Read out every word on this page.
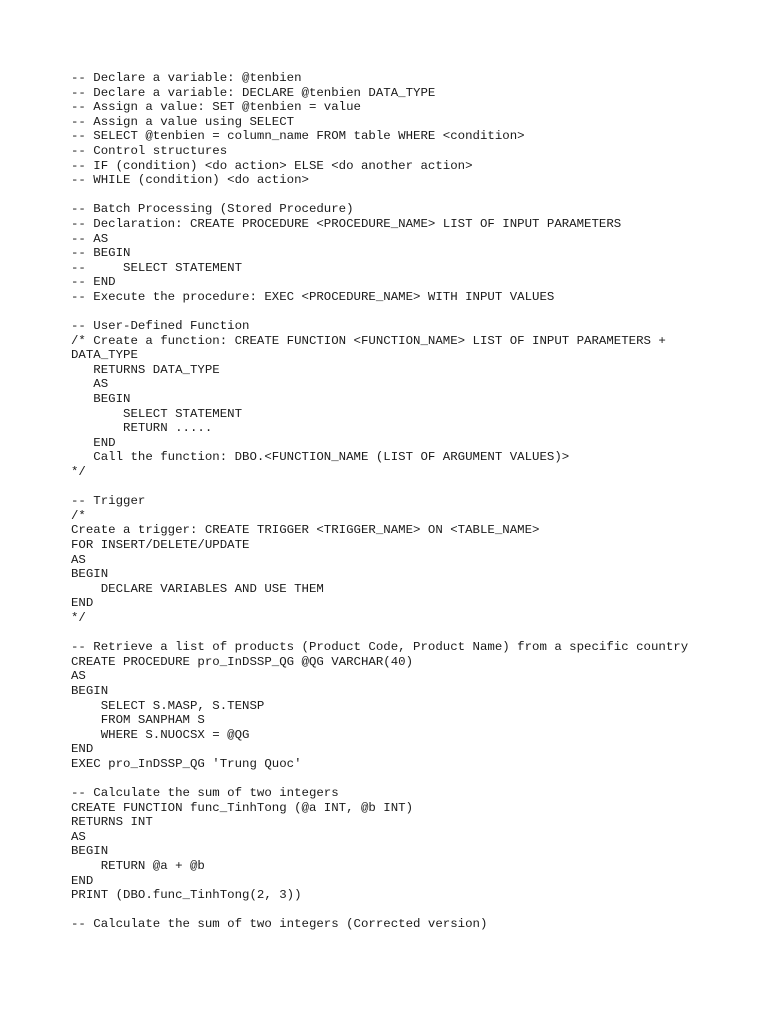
-- Declare a variable: @tenbien
-- Declare a variable: DECLARE @tenbien DATA_TYPE
-- Assign a value: SET @tenbien = value
-- Assign a value using SELECT
-- SELECT @tenbien = column_name FROM table WHERE <condition>
-- Control structures
-- IF (condition) <do action> ELSE <do another action>
-- WHILE (condition) <do action>
-- Batch Processing (Stored Procedure)
-- Declaration: CREATE PROCEDURE <PROCEDURE_NAME> LIST OF INPUT PARAMETERS
-- AS
-- BEGIN
--     SELECT STATEMENT
-- END
-- Execute the procedure: EXEC <PROCEDURE_NAME> WITH INPUT VALUES
-- User-Defined Function
/* Create a function: CREATE FUNCTION <FUNCTION_NAME> LIST OF INPUT PARAMETERS +
DATA_TYPE
RETURNS DATA_TYPE
AS
BEGIN
SELECT STATEMENT
RETURN .....
END
Call the function: DBO.<FUNCTION_NAME (LIST OF ARGUMENT VALUES)>
*/
-- Trigger
/*
Create a trigger: CREATE TRIGGER <TRIGGER_NAME> ON <TABLE_NAME>
FOR INSERT/DELETE/UPDATE
AS
BEGIN
DECLARE VARIABLES AND USE THEM
END
*/
-- Retrieve a list of products (Product Code, Product Name) from a specific country
CREATE PROCEDURE pro_InDSSP_QG @QG VARCHAR(40)
AS
BEGIN
SELECT S.MASP, S.TENSP
FROM SANPHAM S
WHERE S.NUOCSX = @QG
END
EXEC pro_InDSSP_QG 'Trung Quoc'
-- Calculate the sum of two integers
CREATE FUNCTION func_TinhTong (@a INT, @b INT)
RETURNS INT
AS
BEGIN
RETURN @a + @b
END
PRINT (DBO.func_TinhTong(2, 3))
-- Calculate the sum of two integers (Corrected version)
